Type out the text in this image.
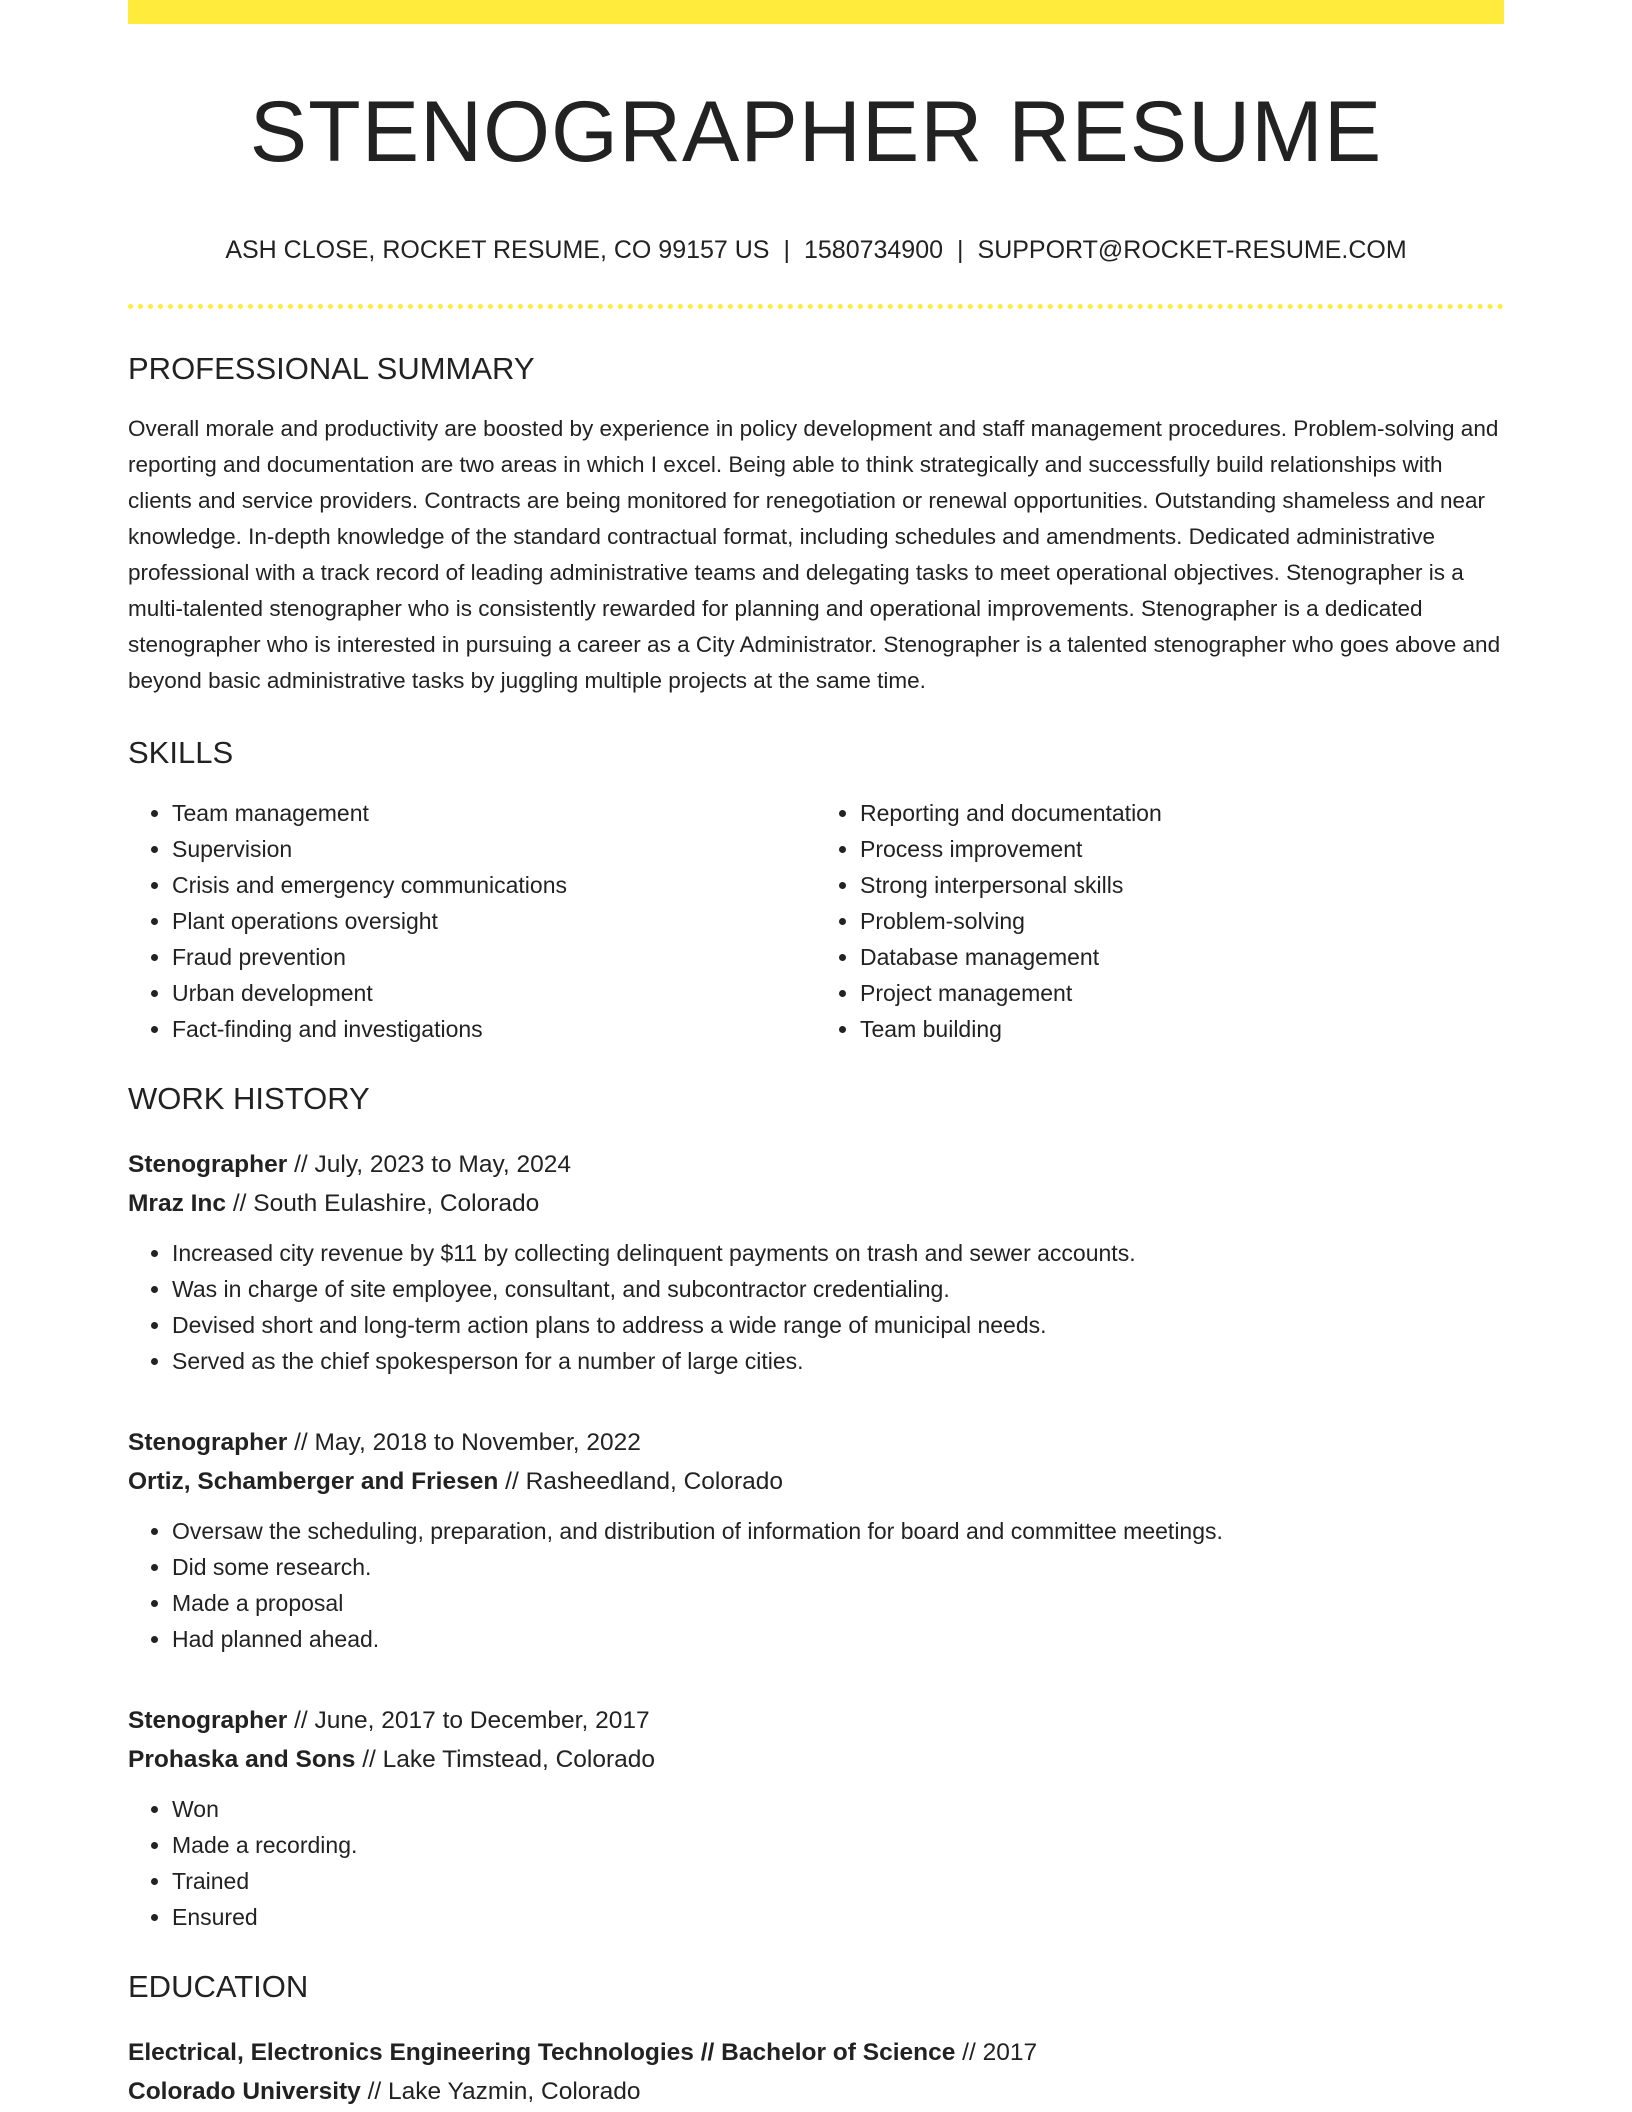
STENOGRAPHER RESUME
ASH CLOSE, ROCKET RESUME, CO 99157 US | 1580734900 | SUPPORT@ROCKET-RESUME.COM
PROFESSIONAL SUMMARY
Overall morale and productivity are boosted by experience in policy development and staff management procedures. Problem-solving and reporting and documentation are two areas in which I excel. Being able to think strategically and successfully build relationships with clients and service providers. Contracts are being monitored for renegotiation or renewal opportunities. Outstanding shameless and near knowledge. In-depth knowledge of the standard contractual format, including schedules and amendments. Dedicated administrative professional with a track record of leading administrative teams and delegating tasks to meet operational objectives. Stenographer is a multi-talented stenographer who is consistently rewarded for planning and operational improvements. Stenographer is a dedicated stenographer who is interested in pursuing a career as a City Administrator. Stenographer is a talented stenographer who goes above and beyond basic administrative tasks by juggling multiple projects at the same time.
SKILLS
• Team management
• Supervision
• Crisis and emergency communications
• Plant operations oversight
• Fraud prevention
• Urban development
• Fact-finding and investigations
• Reporting and documentation
• Process improvement
• Strong interpersonal skills
• Problem-solving
• Database management
• Project management
• Team building
WORK HISTORY
Stenographer // July, 2023 to May, 2024
Mraz Inc // South Eulashire, Colorado
• Increased city revenue by $11 by collecting delinquent payments on trash and sewer accounts.
• Was in charge of site employee, consultant, and subcontractor credentialing.
• Devised short and long-term action plans to address a wide range of municipal needs.
• Served as the chief spokesperson for a number of large cities.
Stenographer // May, 2018 to November, 2022
Ortiz, Schamberger and Friesen // Rasheedland, Colorado
• Oversaw the scheduling, preparation, and distribution of information for board and committee meetings.
• Did some research.
• Made a proposal
• Had planned ahead.
Stenographer // June, 2017 to December, 2017
Prohaska and Sons // Lake Timstead, Colorado
• Won
• Made a recording.
• Trained
• Ensured
EDUCATION
Electrical, Electronics Engineering Technologies // Bachelor of Science // 2017
Colorado University // Lake Yazmin, Colorado
